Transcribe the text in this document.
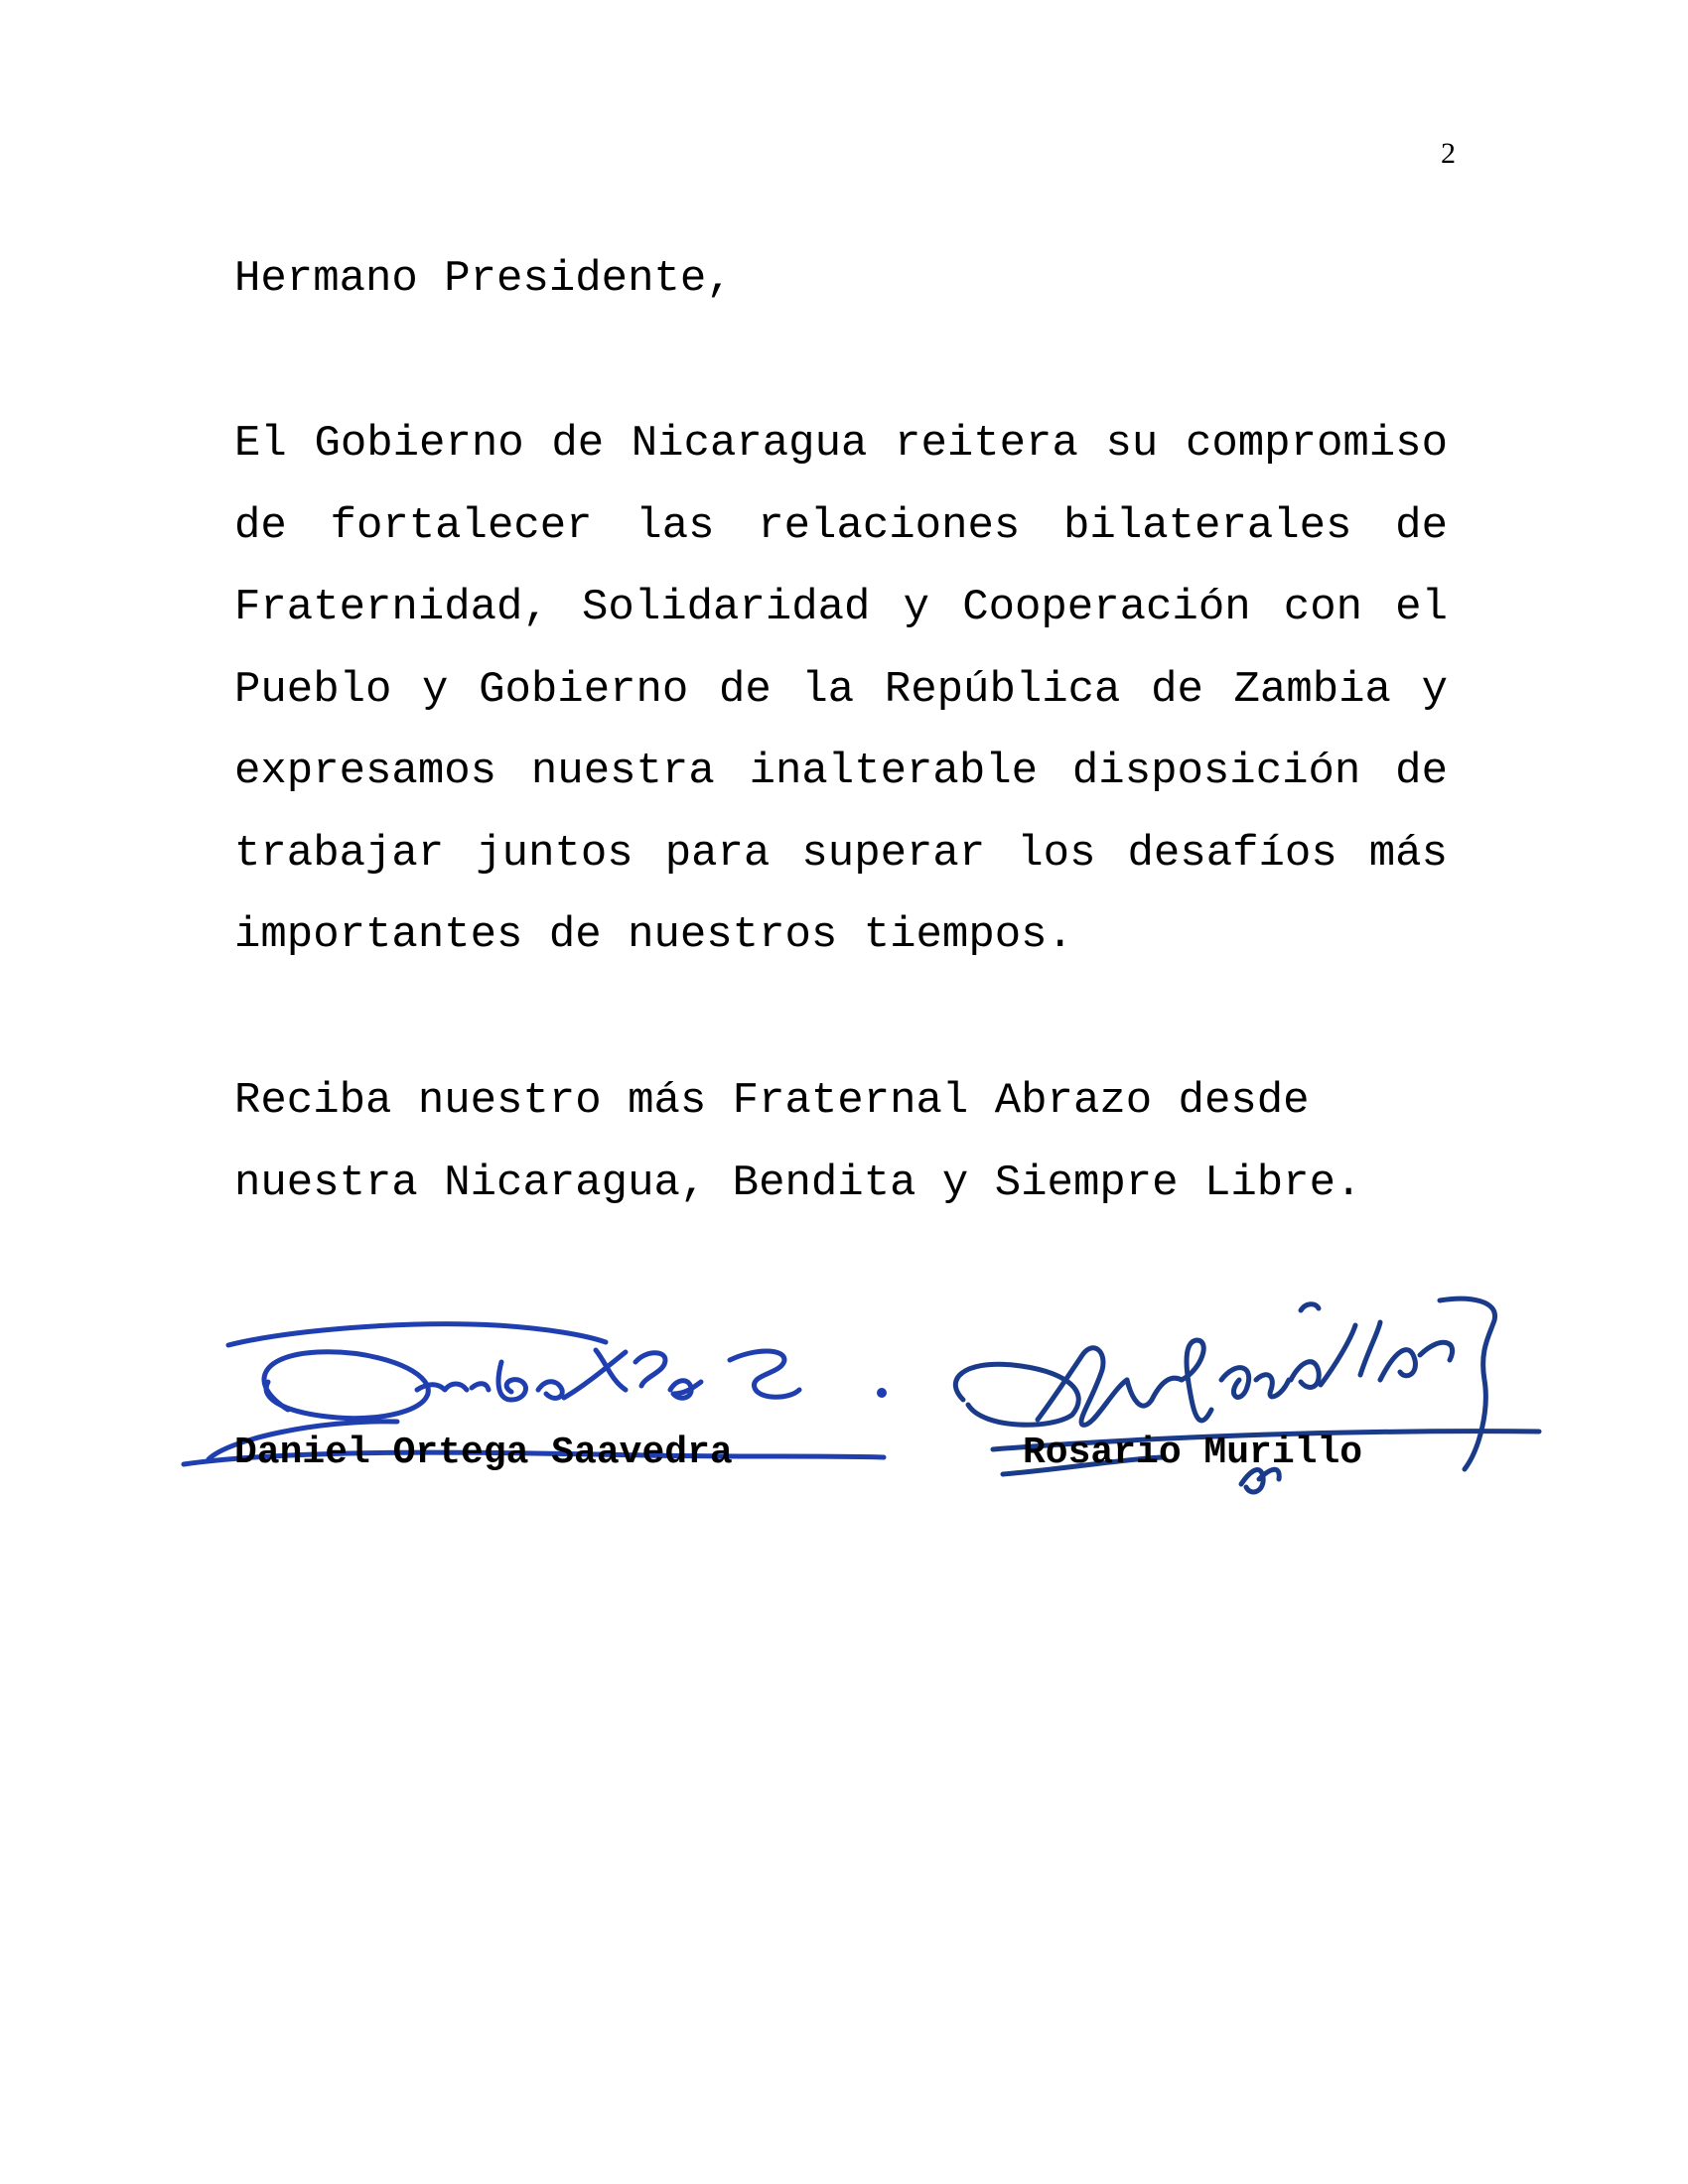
2

Hermano Presidente,

El Gobierno de Nicaragua reitera su compromiso de fortalecer las relaciones bilaterales de Fraternidad, Solidaridad y Cooperación con el Pueblo y Gobierno de la República de Zambia y expresamos nuestra inalterable disposición de trabajar juntos para superar los desafíos más importantes de nuestros tiempos.

Reciba nuestro más Fraternal Abrazo desde nuestra Nicaragua, Bendita y Siempre Libre.

Daniel Ortega Saavedra	Rosario Murillo
